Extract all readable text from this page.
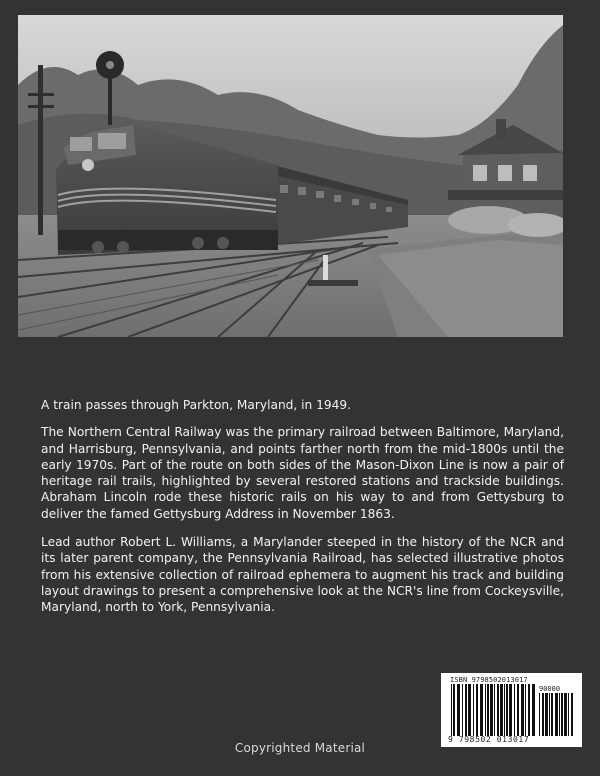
Copyrighted Material

A train passes through Parkton, Maryland, in 1949.

The Northern Central Railway was the primary railroad between Baltimore, Maryland, and Harrisburg, Pennsylvania, and points farther north from the mid-1800s until the early 1970s. Part of the route on both sides of the Mason-Dixon Line is now a pair of heritage rail trails, highlighted by several restored stations and trackside buildings. Abraham Lincoln rode these historic rails on his way to and from Gettysburg to deliver the famed Gettysburg Address in November 1863.

Lead author Robert L. Williams, a Marylander steeped in the history of the NCR and its later parent company, the Pennsylvania Railroad, has selected illustrative photos from his extensive collection of railroad ephemera to augment his track and building layout drawings to present a comprehensive look at the NCR's line from Cockeysville, Maryland, north to York, Pennsylvania.

ISBN 9798502013017
90000
9 798502 013017
Copyrighted Material
